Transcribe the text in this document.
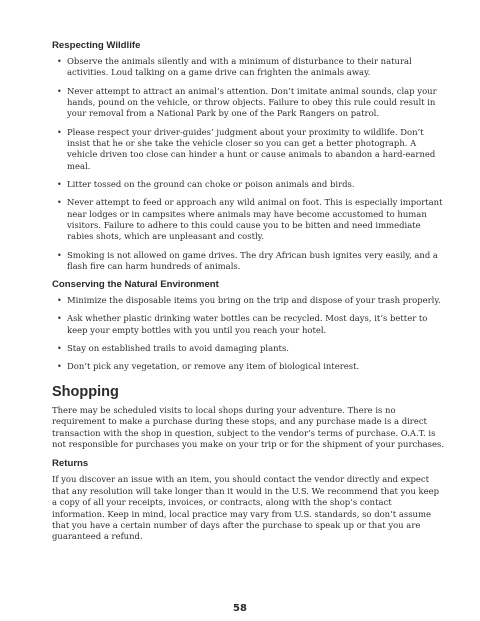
Respecting Wildlife
• Observe the animals silently and with a minimum of disturbance to their natural activities. Loud talking on a game drive can frighten the animals away.
• Never attempt to attract an animal’s attention. Don’t imitate animal sounds, clap your hands, pound on the vehicle, or throw objects. Failure to obey this rule could result in your removal from a National Park by one of the Park Rangers on patrol.
• Please respect your driver-guides’ judgment about your proximity to wildlife. Don’t insist that he or she take the vehicle closer so you can get a better photograph. A vehicle driven too close can hinder a hunt or cause animals to abandon a hard-earned meal.
• Litter tossed on the ground can choke or poison animals and birds.
• Never attempt to feed or approach any wild animal on foot. This is especially important near lodges or in campsites where animals may have become accustomed to human visitors. Failure to adhere to this could cause you to be bitten and need immediate rabies shots, which are unpleasant and costly.
• Smoking is not allowed on game drives. The dry African bush ignites very easily, and a flash fire can harm hundreds of animals.
Conserving the Natural Environment
• Minimize the disposable items you bring on the trip and dispose of your trash properly.
• Ask whether plastic drinking water bottles can be recycled. Most days, it’s better to keep your empty bottles with you until you reach your hotel.
• Stay on established trails to avoid damaging plants.
• Don’t pick any vegetation, or remove any item of biological interest.
Shopping

There may be scheduled visits to local shops during your adventure. There is no requirement to make a purchase during these stops, and any purchase made is a direct transaction with the shop in question, subject to the vendor’s terms of purchase. O.A.T. is not responsible for purchases you make on your trip or for the shipment of your purchases.

Returns

If you discover an issue with an item, you should contact the vendor directly and expect that any resolution will take longer than it would in the U.S. We recommend that you keep a copy of all your receipts, invoices, or contracts, along with the shop’s contact information. Keep in mind, local practice may vary from U.S. standards, so don’t assume that you have a certain number of days after the purchase to speak up or that you are guaranteed a refund.

58
